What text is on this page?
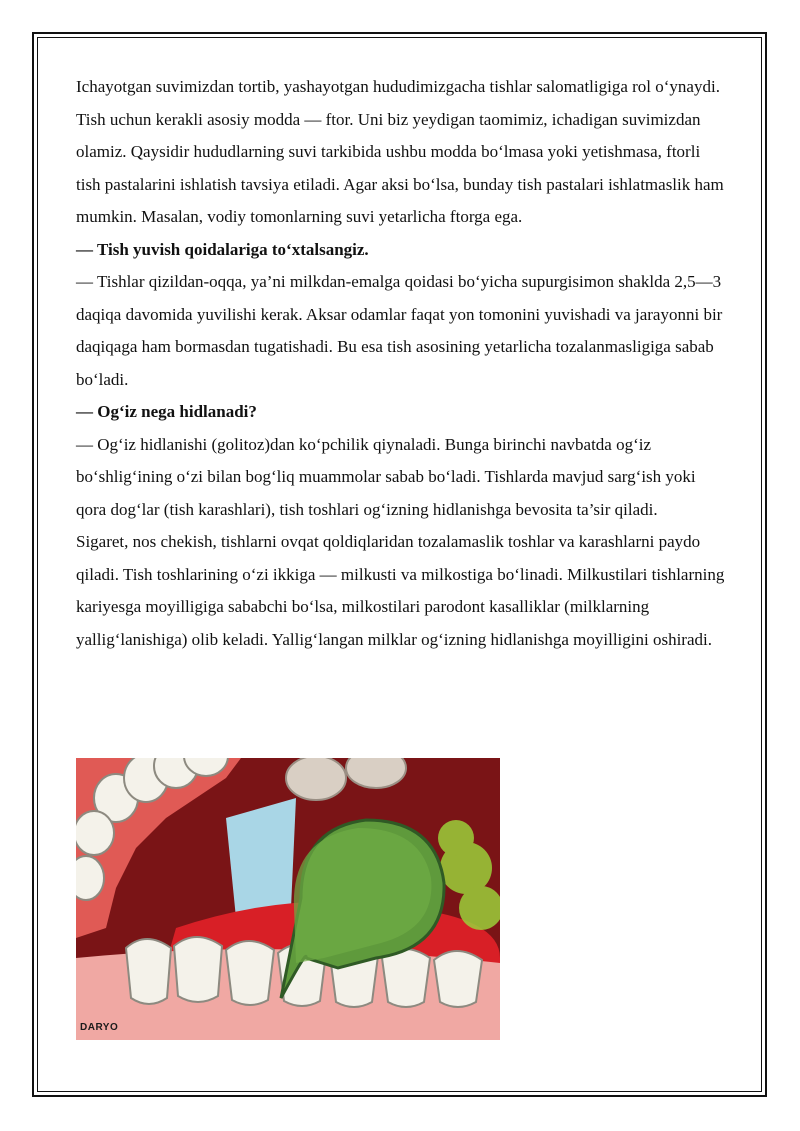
Ichayotgan suvimizdan tortib, yashayotgan hududimizgacha tishlar salomatligiga rol o‘ynaydi. Tish uchun kerakli asosiy modda — ftor. Uni biz yeydigan taomimiz, ichadigan suvimizdan olamiz. Qaysidir hududlarning suvi tarkibida ushbu modda bo‘lmasa yoki yetishmasa, ftorli tish pastalarini ishlatish tavsiya etiladi. Agar aksi bo‘lsa, bunday tish pastalari ishlatmaslik ham mumkin. Masalan, vodiy tomonlarning suvi yetarlicha ftorga ega.

— Tish yuvish qoidalariga to‘xtalsangiz.

— Tishlar qizildan-oqqa, ya’ni milkdan-emalga qoidasi bo‘yicha supurgisimon shaklda 2,5—3 daqiqa davomida yuvilishi kerak. Aksar odamlar faqat yon tomonini yuvishadi va jarayonni bir daqiqaga ham bormasdan tugatishadi. Bu esa tish asosining yetarlicha tozalanmasligiga sabab bo‘ladi.

— Og‘iz nega hidlanadi?

— Og‘iz hidlanishi (golitoz)dan ko‘pchilik qiynaladi. Bunga birinchi navbatda og‘iz bo‘shlig‘ining o‘zi bilan bog‘liq muammolar sabab bo‘ladi. Tishlarda mavjud sarg‘ish yoki qora dog‘lar (tish karashlari), tish toshlari og‘izning hidlanishga bevosita ta’sir qiladi.

Sigaret, nos chekish, tishlarni ovqat qoldiqlaridan tozalamaslik toshlar va karashlarni paydo qiladi. Tish toshlarining o‘zi ikkiga — milkusti va milkostiga bo‘linadi. Milkustilari tishlarning kariyesga moyilligiga sababchi bo‘lsa, milkostilari parodont kasalliklar (milklarning yallig‘lanishiga) olib keladi. Yallig‘langan milklar og‘izning hidlanishga moyilligini oshiradi.

DARYO
